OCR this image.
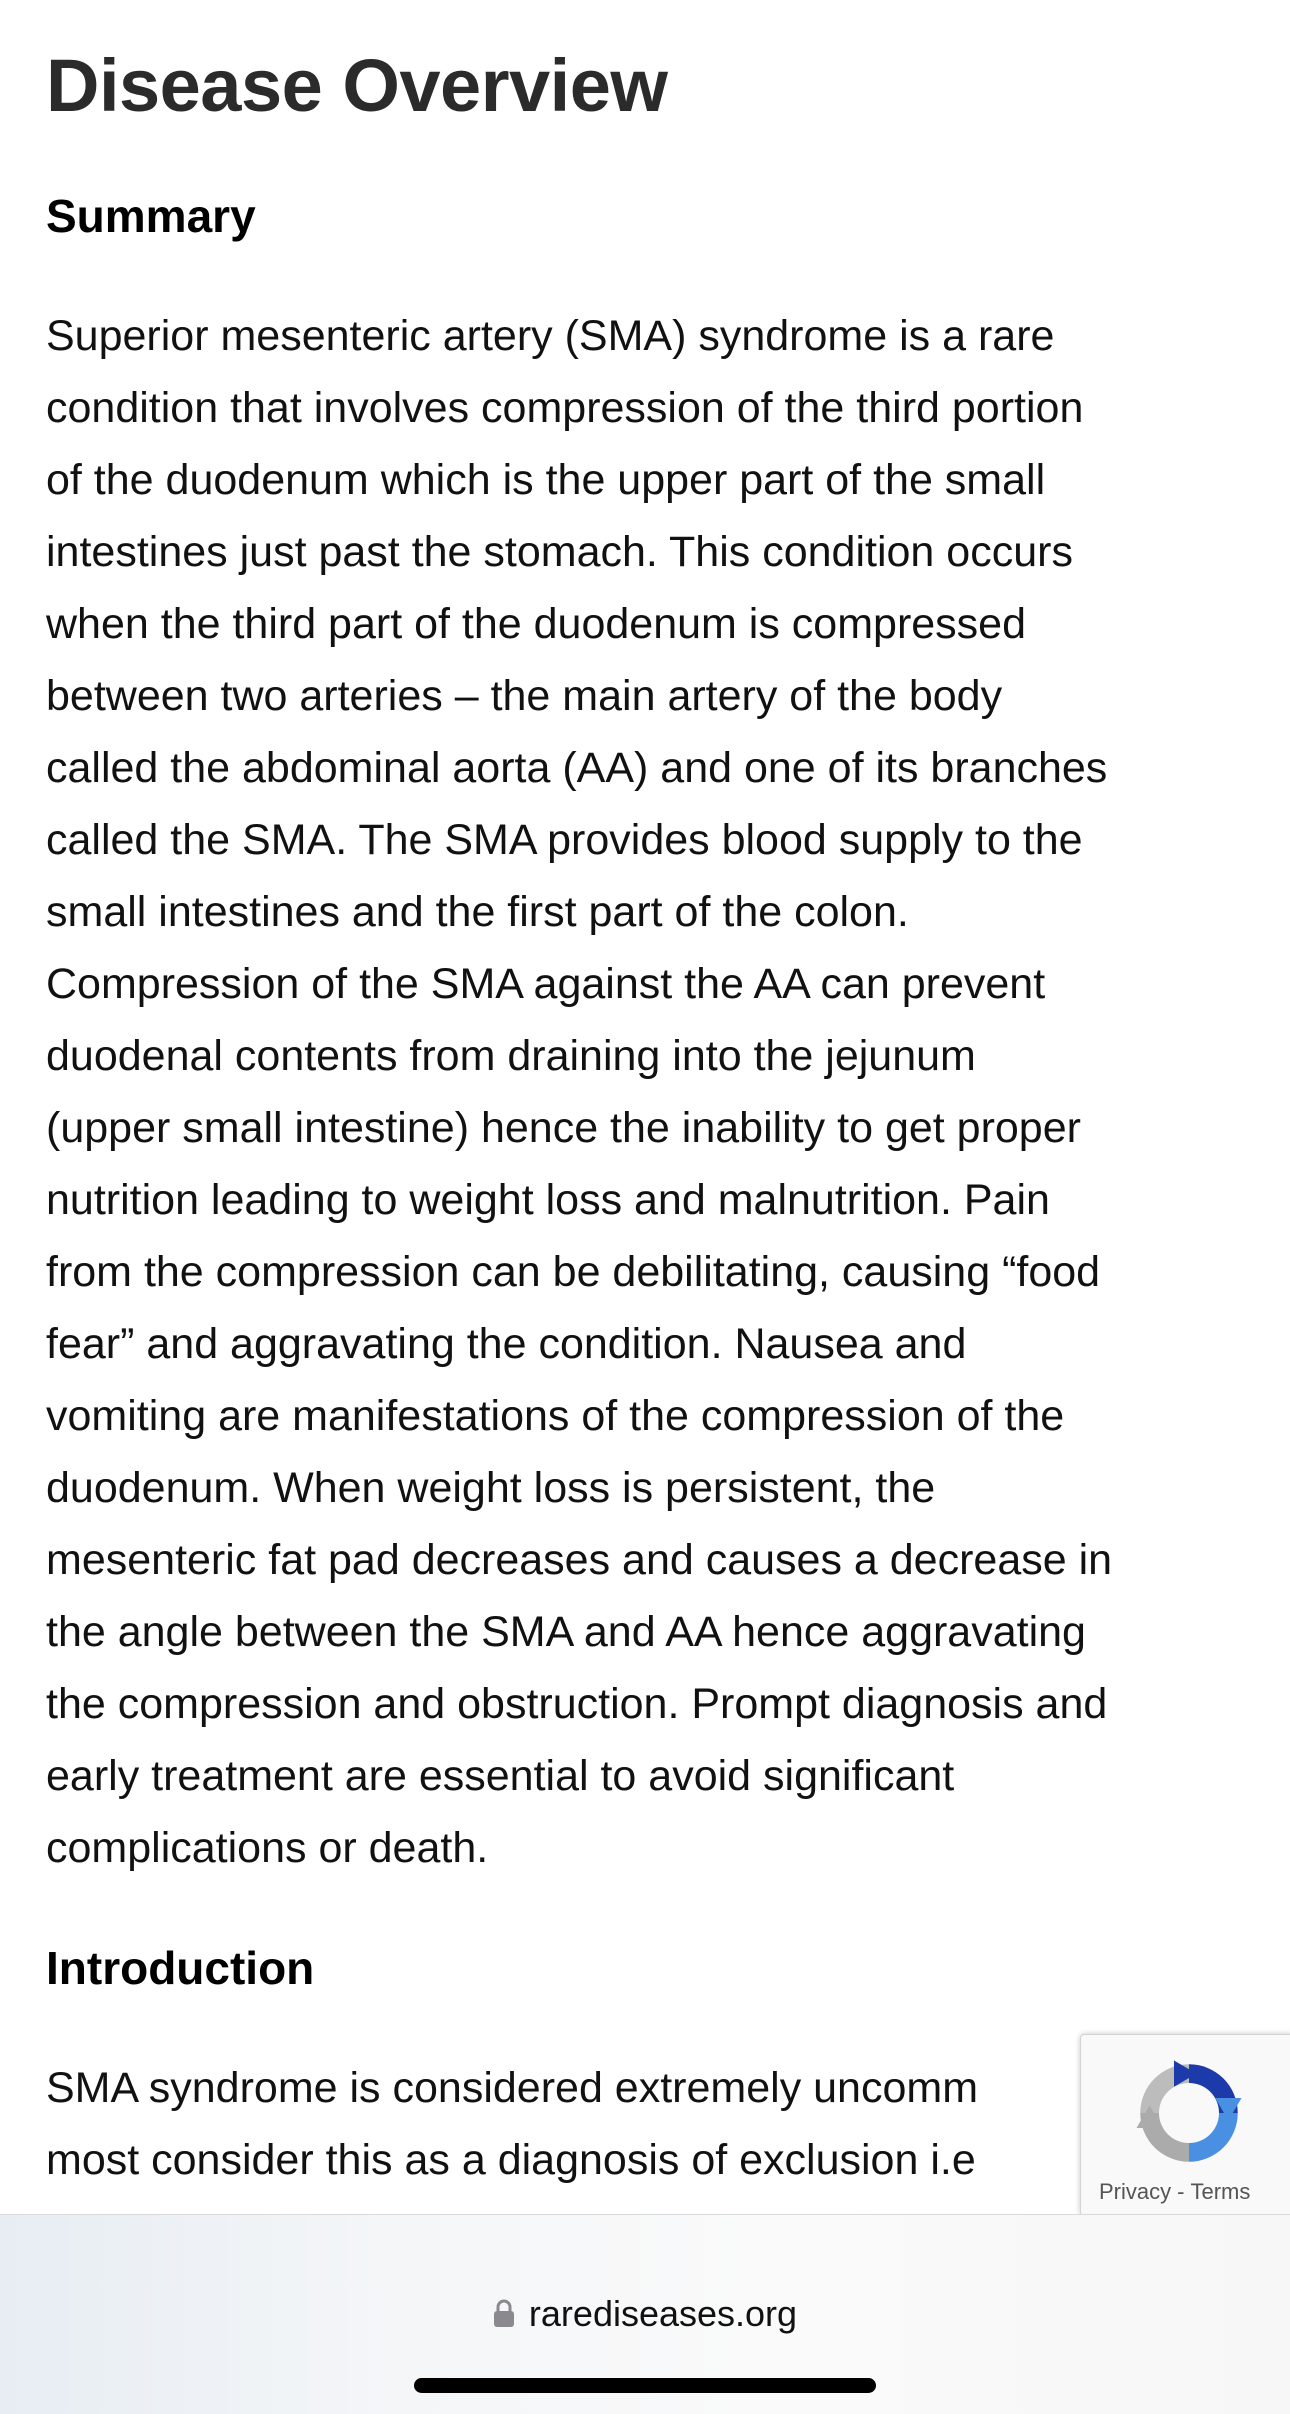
Disease Overview
Summary

Superior mesenteric artery (SMA) syndrome is a rare
condition that involves compression of the third portion
of the duodenum which is the upper part of the small
intestines just past the stomach. This condition occurs
when the third part of the duodenum is compressed
between two arteries – the main artery of the body
called the abdominal aorta (AA) and one of its branches
called the SMA. The SMA provides blood supply to the
small intestines and the first part of the colon.
Compression of the SMA against the AA can prevent
duodenal contents from draining into the jejunum
(upper small intestine) hence the inability to get proper
nutrition leading to weight loss and malnutrition. Pain
from the compression can be debilitating, causing “food
fear” and aggravating the condition. Nausea and
vomiting are manifestations of the compression of the
duodenum. When weight loss is persistent, the
mesenteric fat pad decreases and causes a decrease in
the angle between the SMA and AA hence aggravating
the compression and obstruction. Prompt diagnosis and
early treatment are essential to avoid significant
complications or death.

Introduction

SMA syndrome is considered extremely uncomm
most consider this as a diagnosis of exclusion i.e

Privacy - Terms
rarediseases.org
